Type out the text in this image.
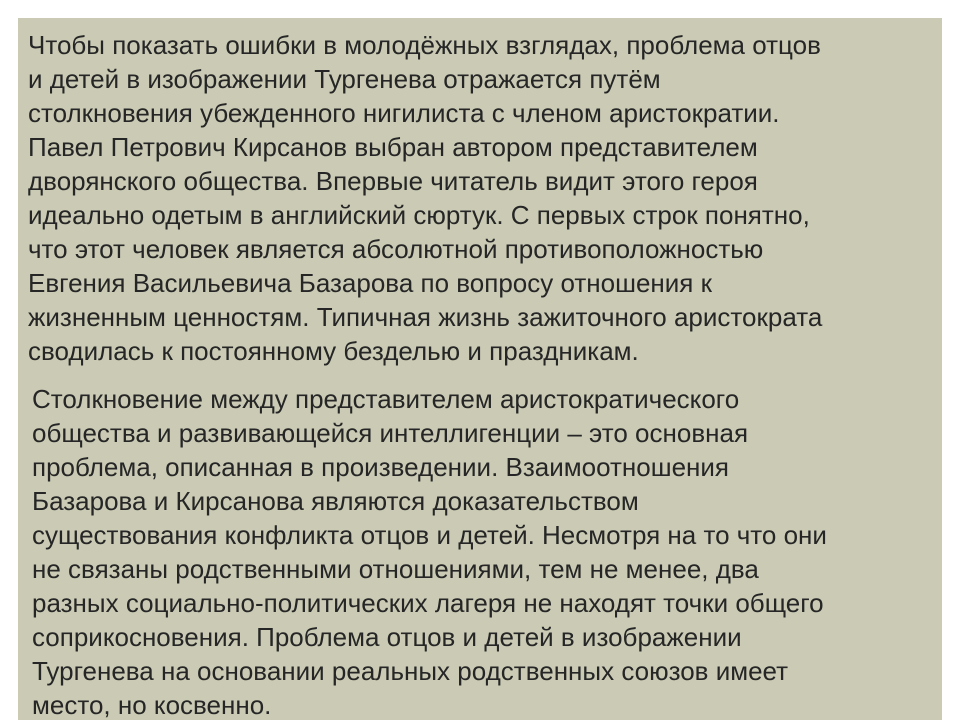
Чтобы показать ошибки в молодёжных взглядах, проблема отцов
и детей в изображении Тургенева отражается путём
столкновения убежденного нигилиста с членом аристократии.
Павел Петрович Кирсанов выбран автором представителем
дворянского общества. Впервые читатель видит этого героя
идеально одетым в английский сюртук. С первых строк понятно,
что этот человек является абсолютной противоположностью
Евгения Васильевича Базарова по вопросу отношения к
жизненным ценностям. Типичная жизнь зажиточного аристократа
сводилась к постоянному безделью и праздникам.
Столкновение между представителем аристократического
общества и развивающейся интеллигенции – это основная
проблема, описанная в произведении. Взаимоотношения
Базарова и Кирсанова являются доказательством
существования конфликта отцов и детей. Несмотря на то что они
не связаны родственными отношениями, тем не менее, два
разных социально-политических лагеря не находят точки общего
соприкосновения. Проблема отцов и детей в изображении
Тургенева на основании реальных родственных союзов имеет
место, но косвенно.
